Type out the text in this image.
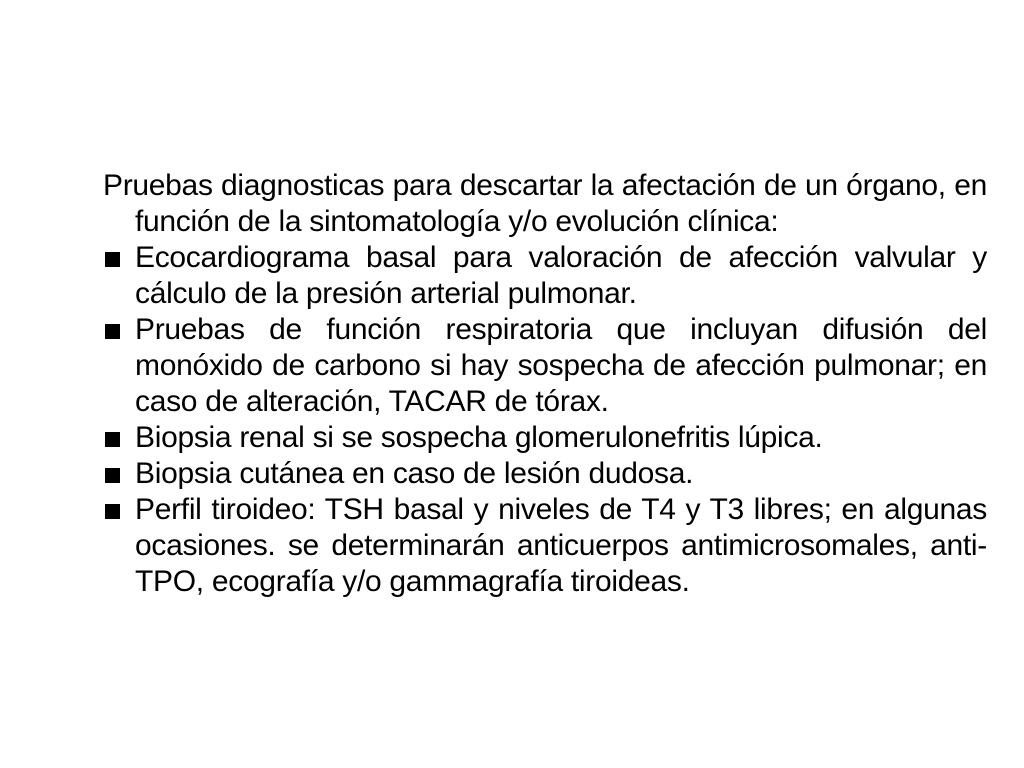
Pruebas diagnosticas para descartar la afectación de un órgano, en función de la sintomatología y/o evolución clínica:

Ecocardiograma basal para valoración de afección valvular y cálculo de la presión arterial pulmonar.
Pruebas de función respiratoria que incluyan difusión del monóxido de carbono si hay sospecha de afección pulmonar; en caso de alteración, TACAR de tórax.
Biopsia renal si se sospecha glomerulonefritis lúpica.
Biopsia cutánea en caso de lesión dudosa.
Perfil tiroideo: TSH basal y niveles de T4 y T3 libres; en algunas ocasiones. se determinarán anticuerpos antimicrosomales, anti-TPO, ecografía y/o gammagrafía tiroideas.
